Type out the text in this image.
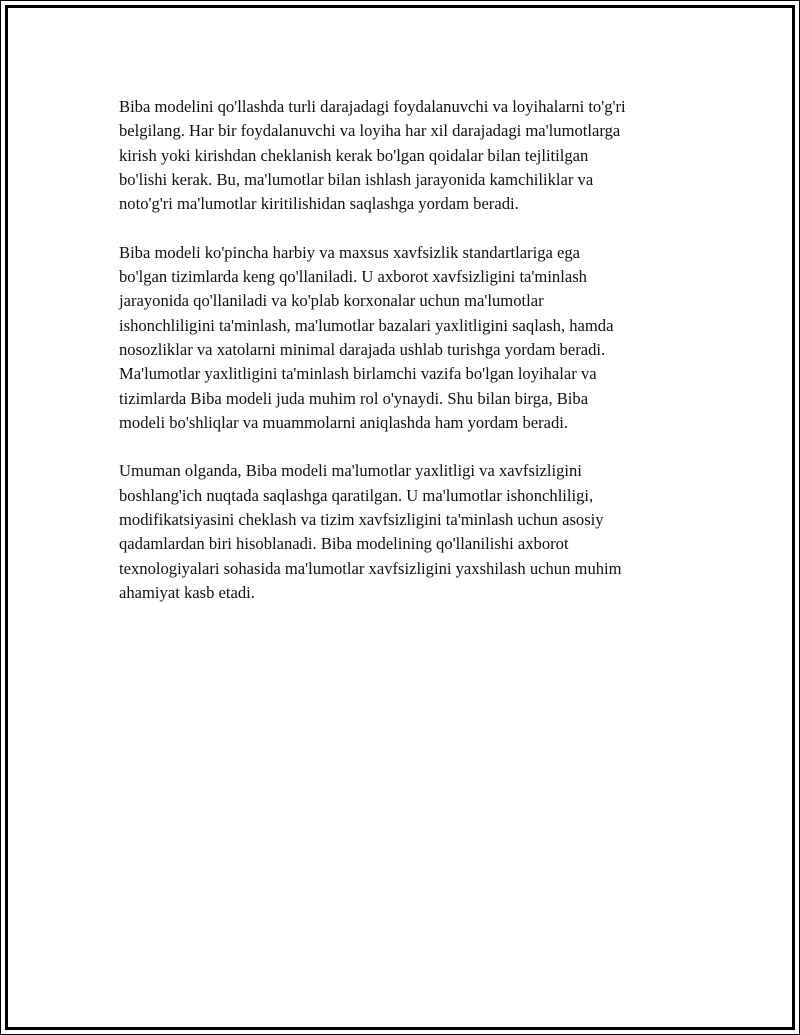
Biba modelini qo'llashda turli darajadagi foydalanuvchi va loyihalarni to'g'ri
belgilang. Har bir foydalanuvchi va loyiha har xil darajadagi ma'lumotlarga
kirish yoki kirishdan cheklanish kerak bo'lgan qoidalar bilan tejlitilgan
bo'lishi kerak. Bu, ma'lumotlar bilan ishlash jarayonida kamchiliklar va
noto'g'ri ma'lumotlar kiritilishidan saqlashga yordam beradi.

Biba modeli ko'pincha harbiy va maxsus xavfsizlik standartlariga ega
bo'lgan tizimlarda keng qo'llaniladi. U axborot xavfsizligini ta'minlash
jarayonida qo'llaniladi va ko'plab korxonalar uchun ma'lumotlar
ishonchliligini ta'minlash, ma'lumotlar bazalari yaxlitligini saqlash, hamda
nosozliklar va xatolarni minimal darajada ushlab turishga yordam beradi.
Ma'lumotlar yaxlitligini ta'minlash birlamchi vazifa bo'lgan loyihalar va
tizimlarda Biba modeli juda muhim rol o'ynaydi. Shu bilan birga, Biba
modeli bo'shliqlar va muammolarni aniqlashda ham yordam beradi.

Umuman olganda, Biba modeli ma'lumotlar yaxlitligi va xavfsizligini
boshlang'ich nuqtada saqlashga qaratilgan. U ma'lumotlar ishonchliligi,
modifikatsiyasini cheklash va tizim xavfsizligini ta'minlash uchun asosiy
qadamlardan biri hisoblanadi. Biba modelining qo'llanilishi axborot
texnologiyalari sohasida ma'lumotlar xavfsizligini yaxshilash uchun muhim
ahamiyat kasb etadi.
